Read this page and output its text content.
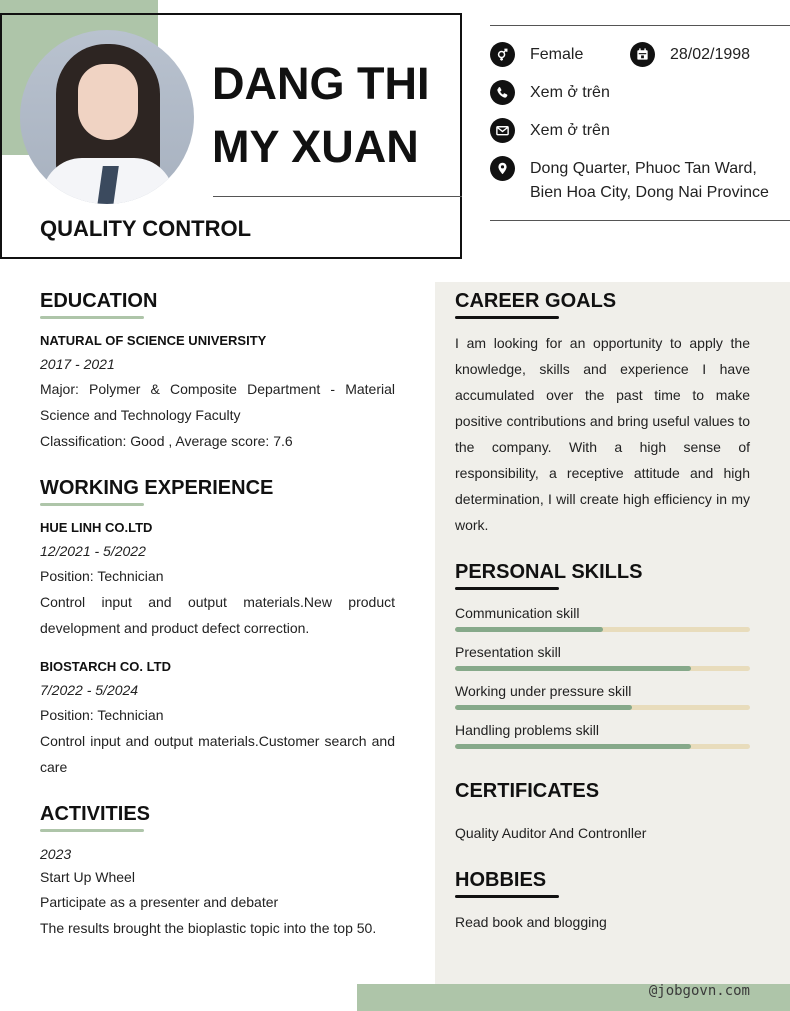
DANG THI
MY XUAN
QUALITY CONTROL
Female	28/02/1998
Xem ở trên
Xem ở trên
Dong Quarter, Phuoc Tan Ward, Bien Hoa City, Dong Nai Province
@jobgovn.com
EDUCATION
NATURAL OF SCIENCE UNIVERSITY
2017 - 2021
Major: Polymer & Composite Department - Material Science and Technology Faculty
Classification: Good , Average score: 7.6
WORKING EXPERIENCE
HUE LINH CO.LTD
12/2021 - 5/2022
Position: Technician
Control input and output materials.New product development and product defect correction.
BIOSTARCH CO. LTD
7/2022 - 5/2024
Position: Technician
Control input and output materials.Customer search and care
ACTIVITIES
2023
Start Up Wheel
Participate as a presenter and debater
The results brought the bioplastic topic into the top 50.
CAREER GOALS
I am looking for an opportunity to apply the knowledge, skills and experience I have accumulated over the past time to make positive contributions and bring useful values to the company. With a high sense of responsibility, a receptive attitude and high determination, I will create high efficiency in my work.
PERSONAL SKILLS
Communication skill
Presentation skill
Working under pressure skill
Handling problems skill
CERTIFICATES
Quality Auditor And Contronller
HOBBIES
Read book and blogging
